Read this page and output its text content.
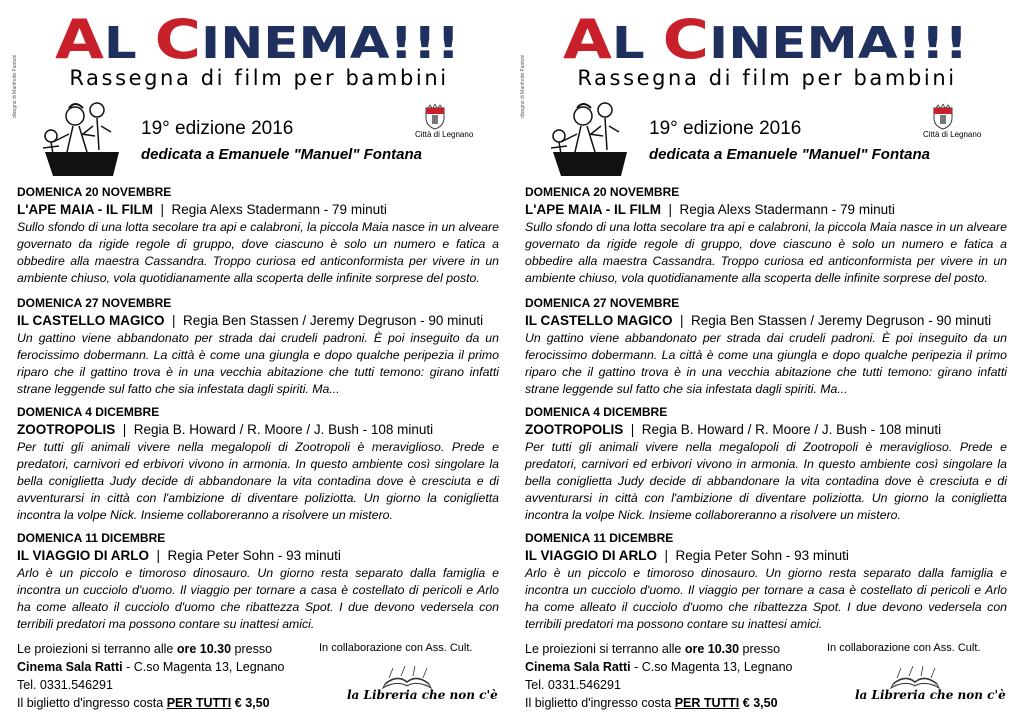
A L C INEMA!!!
Rassegna di film per bambini
disegno di Manfredo Fantoni
19° edizione 2016
dedicata a Emanuele "Manuel" Fontana
Città di Legnano
DOMENICA 20 NOVEMBRE
L'APE MAIA - IL FILM  |  Regia Alexs Stadermann - 79 minuti
Sullo sfondo di una lotta secolare tra api e calabroni, la piccola Maia nasce in un alveare governato da rigide regole di gruppo, dove ciascuno è solo un numero e fatica a obbedire alla maestra Cassandra. Troppo curiosa ed anticonformista per vivere in un ambiente chiuso, vola quotidianamente alla scoperta delle infinite sorprese del posto.
DOMENICA 27 NOVEMBRE
IL CASTELLO MAGICO  |  Regia Ben Stassen / Jeremy Degruson - 90 minuti
Un gattino viene abbandonato per strada dai crudeli padroni. È poi inseguito da un ferocissimo dobermann. La città è come una giungla e dopo qualche peripezia il primo riparo che il gattino trova è in una vecchia abitazione che tutti temono: girano infatti strane leggende sul fatto che sia infestata dagli spiriti. Ma...
DOMENICA 4 DICEMBRE
ZOOTROPOLIS  |  Regia B. Howard / R. Moore / J. Bush - 108 minuti
Per tutti gli animali vivere nella megalopoli di Zootropoli è meraviglioso. Prede e predatori, carnivori ed erbivori vivono in armonia. In questo ambiente così singolare la bella coniglietta Judy decide di abbandonare la vita contadina dove è cresciuta e di avventurarsi in città con l'ambizione di diventare poliziotta. Un giorno la coniglietta incontra la volpe Nick. Insieme collaboreranno a risolvere un mistero.
DOMENICA 11 DICEMBRE
IL VIAGGIO DI ARLO  |  Regia Peter Sohn - 93 minuti
Arlo è un piccolo e timoroso dinosauro. Un giorno resta separato dalla famiglia e incontra un cucciolo d'uomo. Il viaggio per tornare a casa è costellato di pericoli e Arlo ha come alleato il cucciolo d'uomo che ribattezza Spot. I due devono vedersela con terribili predatori ma possono contare su inattesi amici.
Le proiezioni si terranno alle ore 10.30 presso
Cinema Sala Ratti - C.so Magenta 13, Legnano
Tel. 0331.546291
Il biglietto d'ingresso costa PER TUTTI € 3,50
In collaborazione con Ass. Cult.
la Libreria che non c'è
A L C INEMA!!!
Rassegna di film per bambini
disegno di Manfredo Fantoni
19° edizione 2016
dedicata a Emanuele "Manuel" Fontana
Città di Legnano
DOMENICA 20 NOVEMBRE
L'APE MAIA - IL FILM  |  Regia Alexs Stadermann - 79 minuti
Sullo sfondo di una lotta secolare tra api e calabroni, la piccola Maia nasce in un alveare governato da rigide regole di gruppo, dove ciascuno è solo un numero e fatica a obbedire alla maestra Cassandra. Troppo curiosa ed anticonformista per vivere in un ambiente chiuso, vola quotidianamente alla scoperta delle infinite sorprese del posto.
DOMENICA 27 NOVEMBRE
IL CASTELLO MAGICO  |  Regia Ben Stassen / Jeremy Degruson - 90 minuti
Un gattino viene abbandonato per strada dai crudeli padroni. È poi inseguito da un ferocissimo dobermann. La città è come una giungla e dopo qualche peripezia il primo riparo che il gattino trova è in una vecchia abitazione che tutti temono: girano infatti strane leggende sul fatto che sia infestata dagli spiriti. Ma...
DOMENICA 4 DICEMBRE
ZOOTROPOLIS  |  Regia B. Howard / R. Moore / J. Bush - 108 minuti
Per tutti gli animali vivere nella megalopoli di Zootropoli è meraviglioso. Prede e predatori, carnivori ed erbivori vivono in armonia. In questo ambiente così singolare la bella coniglietta Judy decide di abbandonare la vita contadina dove è cresciuta e di avventurarsi in città con l'ambizione di diventare poliziotta. Un giorno la coniglietta incontra la volpe Nick. Insieme collaboreranno a risolvere un mistero.
DOMENICA 11 DICEMBRE
IL VIAGGIO DI ARLO  |  Regia Peter Sohn - 93 minuti
Arlo è un piccolo e timoroso dinosauro. Un giorno resta separato dalla famiglia e incontra un cucciolo d'uomo. Il viaggio per tornare a casa è costellato di pericoli e Arlo ha come alleato il cucciolo d'uomo che ribattezza Spot. I due devono vedersela con terribili predatori ma possono contare su inattesi amici.
Le proiezioni si terranno alle ore 10.30 presso
Cinema Sala Ratti - C.so Magenta 13, Legnano
Tel. 0331.546291
Il biglietto d'ingresso costa PER TUTTI € 3,50
In collaborazione con Ass. Cult.
la Libreria che non c'è
